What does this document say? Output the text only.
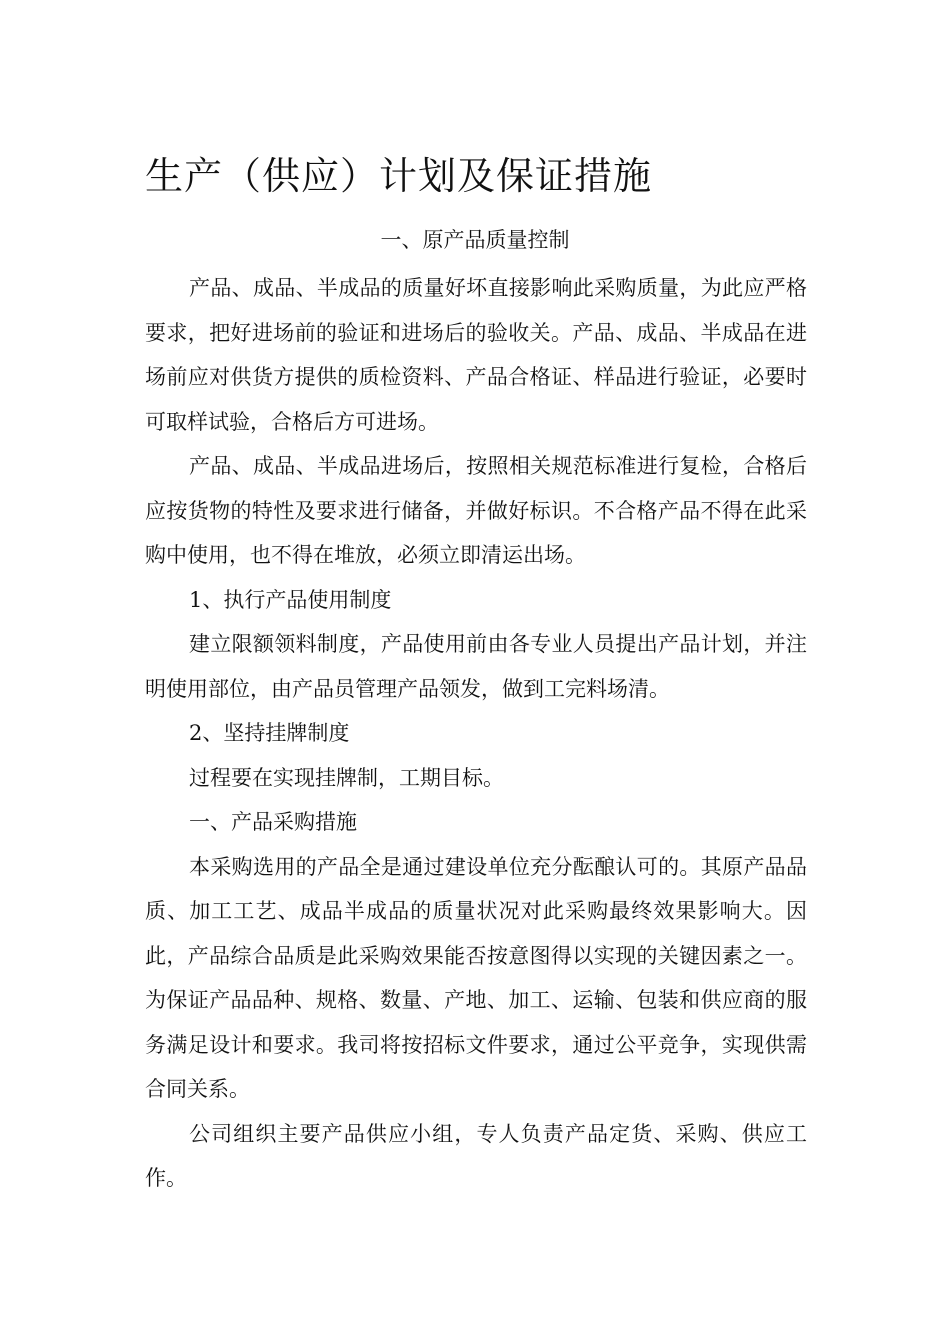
生产（供应）计划及保证措施
一、原产品质量控制

产品、成品、半成品的质量好坏直接影响此采购质量，为此应严格要求，把好进场前的验证和进场后的验收关。产品、成品、半成品在进场前应对供货方提供的质检资料、产品合格证、样品进行验证，必要时可取样试验，合格后方可进场。

产品、成品、半成品进场后，按照相关规范标准进行复检，合格后应按货物的特性及要求进行储备，并做好标识。不合格产品不得在此采购中使用，也不得在堆放，必须立即清运出场。

1、执行产品使用制度

建立限额领料制度，产品使用前由各专业人员提出产品计划，并注明使用部位，由产品员管理产品领发，做到工完料场清。

2、坚持挂牌制度

过程要在实现挂牌制，工期目标。

一、产品采购措施

本采购选用的产品全是通过建设单位充分酝酿认可的。其原产品品质、加工工艺、成品半成品的质量状况对此采购最终效果影响大。因此，产品综合品质是此采购效果能否按意图得以实现的关键因素之一。为保证产品品种、规格、数量、产地、加工、运输、包装和供应商的服务满足设计和要求。我司将按招标文件要求，通过公平竞争，实现供需合同关系。

公司组织主要产品供应小组，专人负责产品定货、采购、供应工作。
